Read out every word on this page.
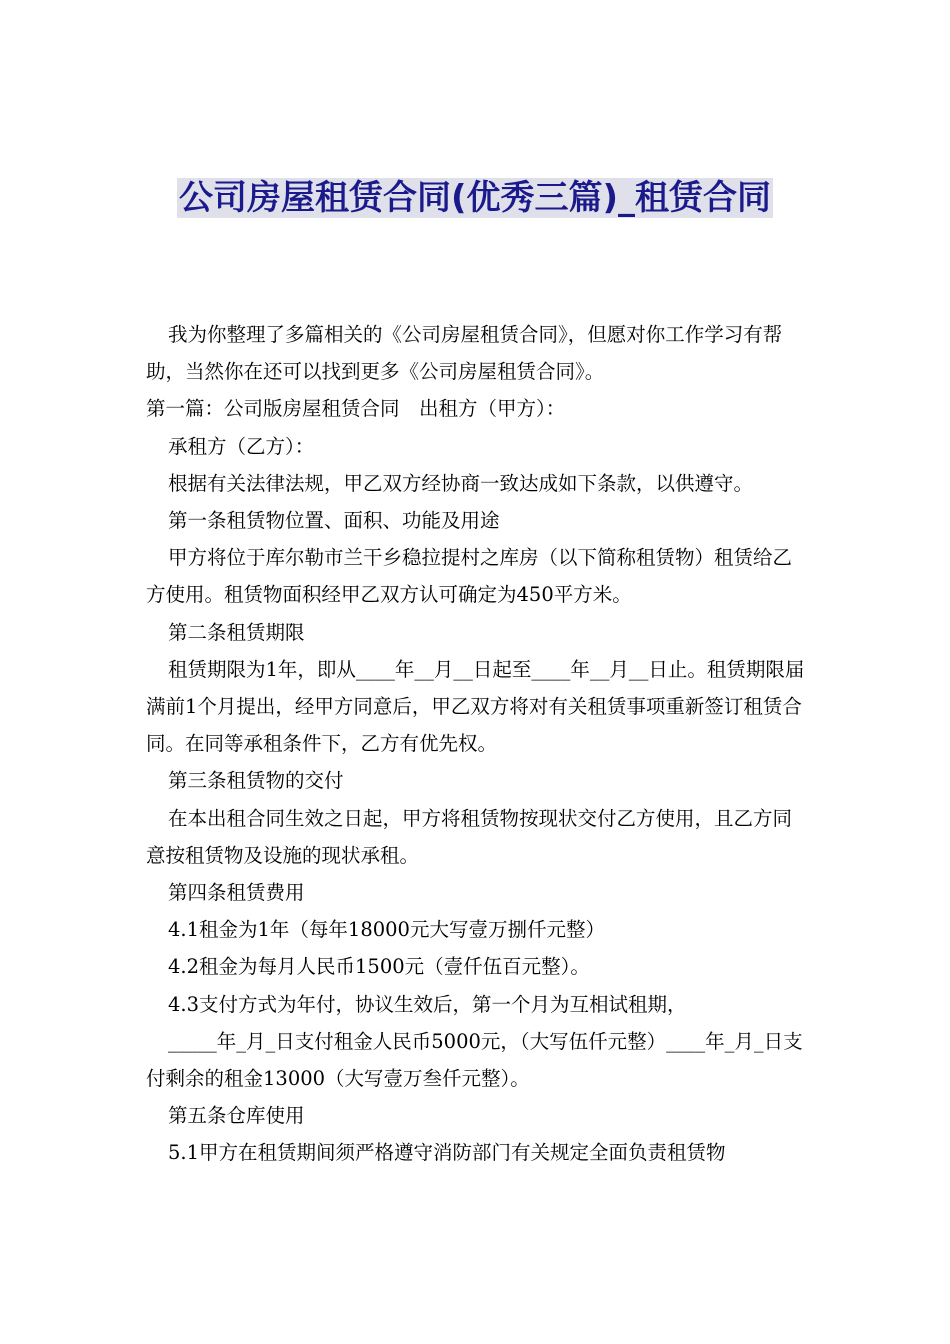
公司房屋租赁合同(优秀三篇)_租赁合同

我为你整理了多篇相关的《公司房屋租赁合同》，但愿对你工作学习有帮助，当然你在还可以找到更多《公司房屋租赁合同》。

第一篇：公司版房屋租赁合同　出租方（甲方）：

承租方（乙方）：

根据有关法律法规，甲乙双方经协商一致达成如下条款，以供遵守。

第一条租赁物位置、面积、功能及用途

甲方将位于库尔勒市兰干乡稳拉提村之库房（以下简称租赁物）租赁给乙方使用。租赁物面积经甲乙双方认可确定为450平方米。

第二条租赁期限

租赁期限为1年，即从____年__月__日起至____年__月__日止。租赁期限届满前1个月提出，经甲方同意后，甲乙双方将对有关租赁事项重新签订租赁合同。在同等承租条件下，乙方有优先权。

第三条租赁物的交付

在本出租合同生效之日起，甲方将租赁物按现状交付乙方使用，且乙方同意按租赁物及设施的现状承租。

第四条租赁费用

4.1租金为1年（每年18000元大写壹万捌仟元整）

4.2租金为每月人民币1500元（壹仟伍百元整）。

4.3支付方式为年付，协议生效后，第一个月为互相试租期，

_____年_月_日支付租金人民币5000元，（大写伍仟元整）____年_月_日支付剩余的租金13000（大写壹万叁仟元整）。

第五条仓库使用

5.1甲方在租赁期间须严格遵守消防部门有关规定全面负责租赁物
